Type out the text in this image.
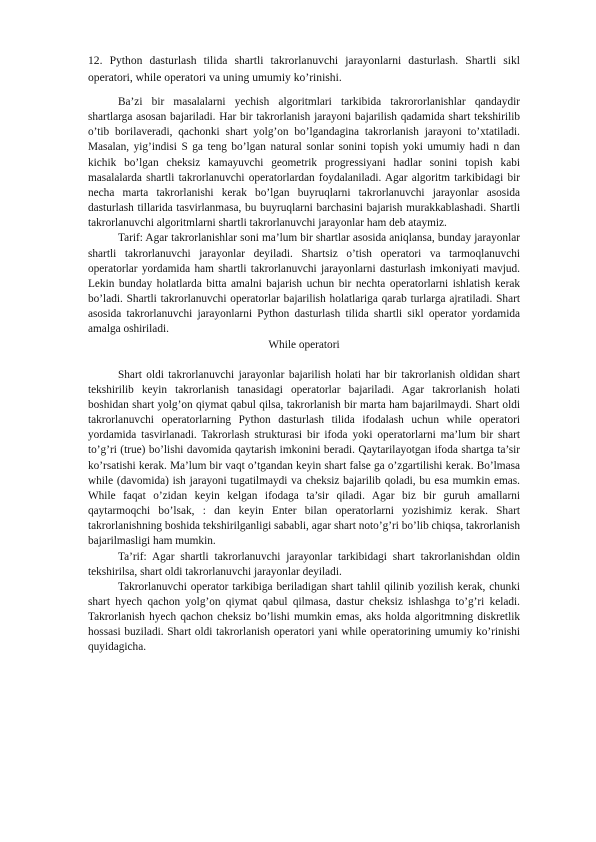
12. Python dasturlash tilida shartli takrorlanuvchi jarayonlarni dasturlash. Shartli sikl operatori, while operatori va uning umumiy ko’rinishi.

Ba’zi bir masalalarni yechish algoritmlari tarkibida takrororlanishlar qandaydir shartlarga asosan bajariladi. Har bir takrorlanish jarayoni bajarilish qadamida shart tekshirilib o’tib borilaveradi, qachonki shart yolg’on bo’lgandagina takrorlanish jarayoni to’xtatiladi. Masalan, yig’indisi S ga teng bo’lgan natural sonlar sonini topish yoki umumiy hadi n dan kichik bo’lgan cheksiz kamayuvchi geometrik progressiyani hadlar sonini topish kabi masalalarda shartli takrorlanuvchi operatorlardan foydalaniladi. Agar algoritm tarkibidagi bir necha marta takrorlanishi kerak bo’lgan buyruqlarni takrorlanuvchi jarayonlar asosida dasturlash tillarida tasvirlanmasa, bu buyruqlarni barchasini bajarish murakkablashadi. Shartli takrorlanuvchi algoritmlarni shartli takrorlanuvchi jarayonlar ham deb ataymiz.

Tarif: Agar takrorlanishlar soni ma’lum bir shartlar asosida aniqlansa, bunday jarayonlar shartli takrorlanuvchi jarayonlar deyiladi. Shartsiz o’tish operatori va tarmoqlanuvchi operatorlar yordamida ham shartli takrorlanuvchi jarayonlarni dasturlash imkoniyati mavjud. Lekin bunday holatlarda bitta amalni bajarish uchun bir nechta operatorlarni ishlatish kerak bo’ladi. Shartli takrorlanuvchi operatorlar bajarilish holatlariga qarab turlarga ajratiladi. Shart asosida takrorlanuvchi jarayonlarni Python dasturlash tilida shartli sikl operator yordamida amalga oshiriladi.

While operatori

Shart oldi takrorlanuvchi jarayonlar bajarilish holati har bir takrorlanish oldidan shart tekshirilib keyin takrorlanish tanasidagi operatorlar bajariladi. Agar takrorlanish holati boshidan shart yolg’on qiymat qabul qilsa, takrorlanish bir marta ham bajarilmaydi. Shart oldi takrorlanuvchi operatorlarning Python dasturlash tilida ifodalash uchun while operatori yordamida tasvirlanadi. Takrorlash strukturasi bir ifoda yoki operatorlarni ma’lum bir shart to’g’ri (true) bo’lishi davomida qaytarish imkonini beradi. Qaytarilayotgan ifoda shartga ta’sir ko’rsatishi kerak. Ma’lum bir vaqt o’tgandan keyin shart false ga o’zgartilishi kerak. Bo’lmasa while (davomida) ish jarayoni tugatilmaydi va cheksiz bajarilib qoladi, bu esa mumkin emas. While faqat o’zidan keyin kelgan ifodaga ta’sir qiladi. Agar biz bir guruh amallarni qaytarmoqchi bo’lsak, : dan keyin Enter bilan operatorlarni yozishimiz kerak. Shart takrorlanishning boshida tekshirilganligi sababli, agar shart noto’g’ri bo’lib chiqsa, takrorlanish bajarilmasligi ham mumkin.

Ta’rif: Agar shartli takrorlanuvchi jarayonlar tarkibidagi shart takrorlanishdan oldin tekshirilsa, shart oldi takrorlanuvchi jarayonlar deyiladi.

Takrorlanuvchi operator tarkibiga beriladigan shart tahlil qilinib yozilish kerak, chunki shart hyech qachon yolg’on qiymat qabul qilmasa, dastur cheksiz ishlashga to’g’ri keladi. Takrorlanish hyech qachon cheksiz bo’lishi mumkin emas, aks holda algoritmning diskretlik hossasi buziladi. Shart oldi takrorlanish operatori yani while operatorining umumiy ko’rinishi quyidagicha.
